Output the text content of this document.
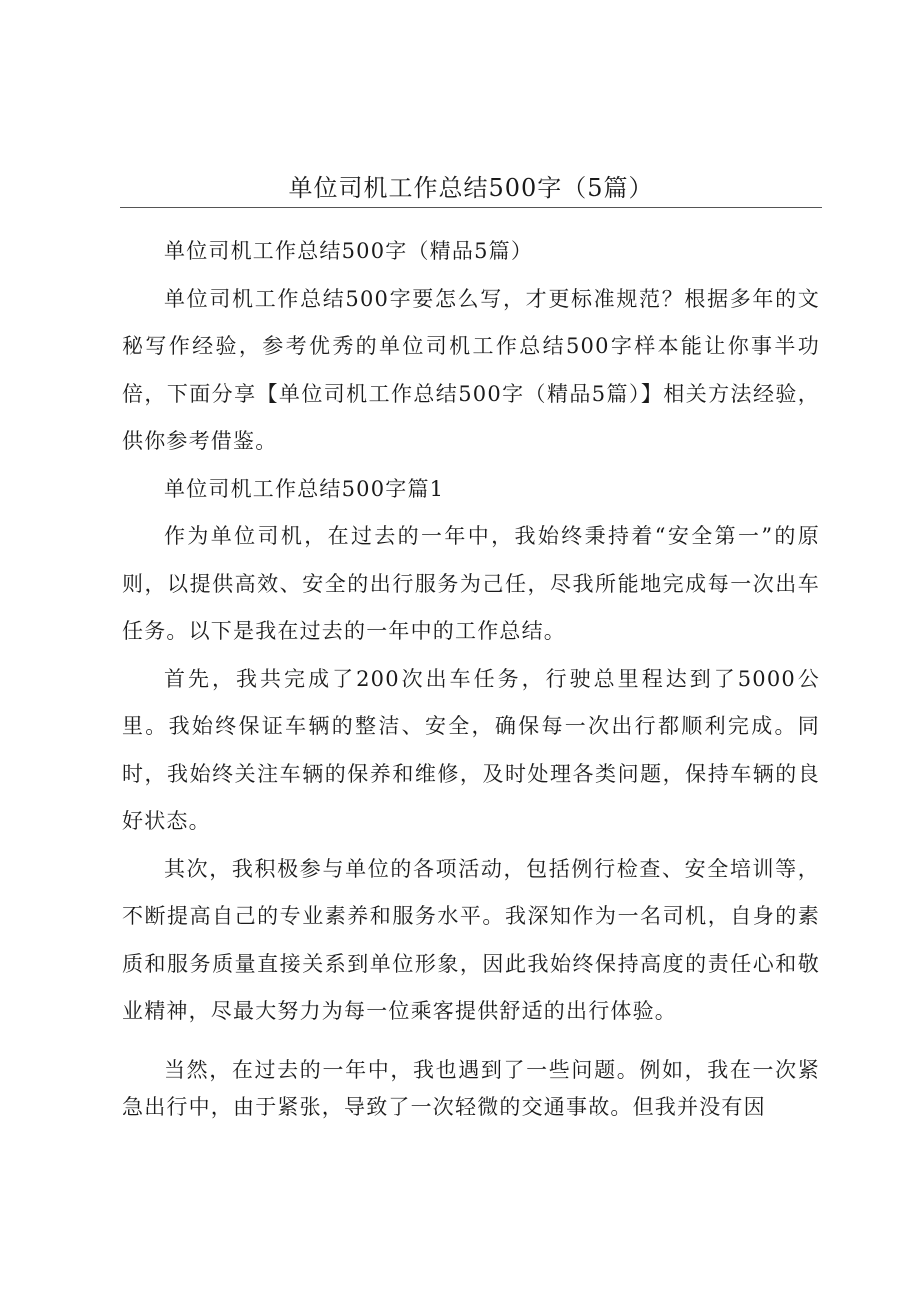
单位司机工作总结500字（5篇）

单位司机工作总结500字（精品5篇）

单位司机工作总结500字要怎么写，才更标准规范？根据多年的文秘写作经验，参考优秀的单位司机工作总结500字样本能让你事半功倍，下面分享【单位司机工作总结500字（精品5篇）】相关方法经验，供你参考借鉴。

单位司机工作总结500字篇1

作为单位司机，在过去的一年中，我始终秉持着“安全第一”的原则，以提供高效、安全的出行服务为己任，尽我所能地完成每一次出车任务。以下是我在过去的一年中的工作总结。

首先，我共完成了200次出车任务，行驶总里程达到了5000公里。我始终保证车辆的整洁、安全，确保每一次出行都顺利完成。同时，我始终关注车辆的保养和维修，及时处理各类问题，保持车辆的良好状态。

其次，我积极参与单位的各项活动，包括例行检查、安全培训等，不断提高自己的专业素养和服务水平。我深知作为一名司机，自身的素质和服务质量直接关系到单位形象，因此我始终保持高度的责任心和敬业精神，尽最大努力为每一位乘客提供舒适的出行体验。

当然，在过去的一年中，我也遇到了一些问题。例如，我在一次紧急出行中，由于紧张，导致了一次轻微的交通事故。但我并没有因
